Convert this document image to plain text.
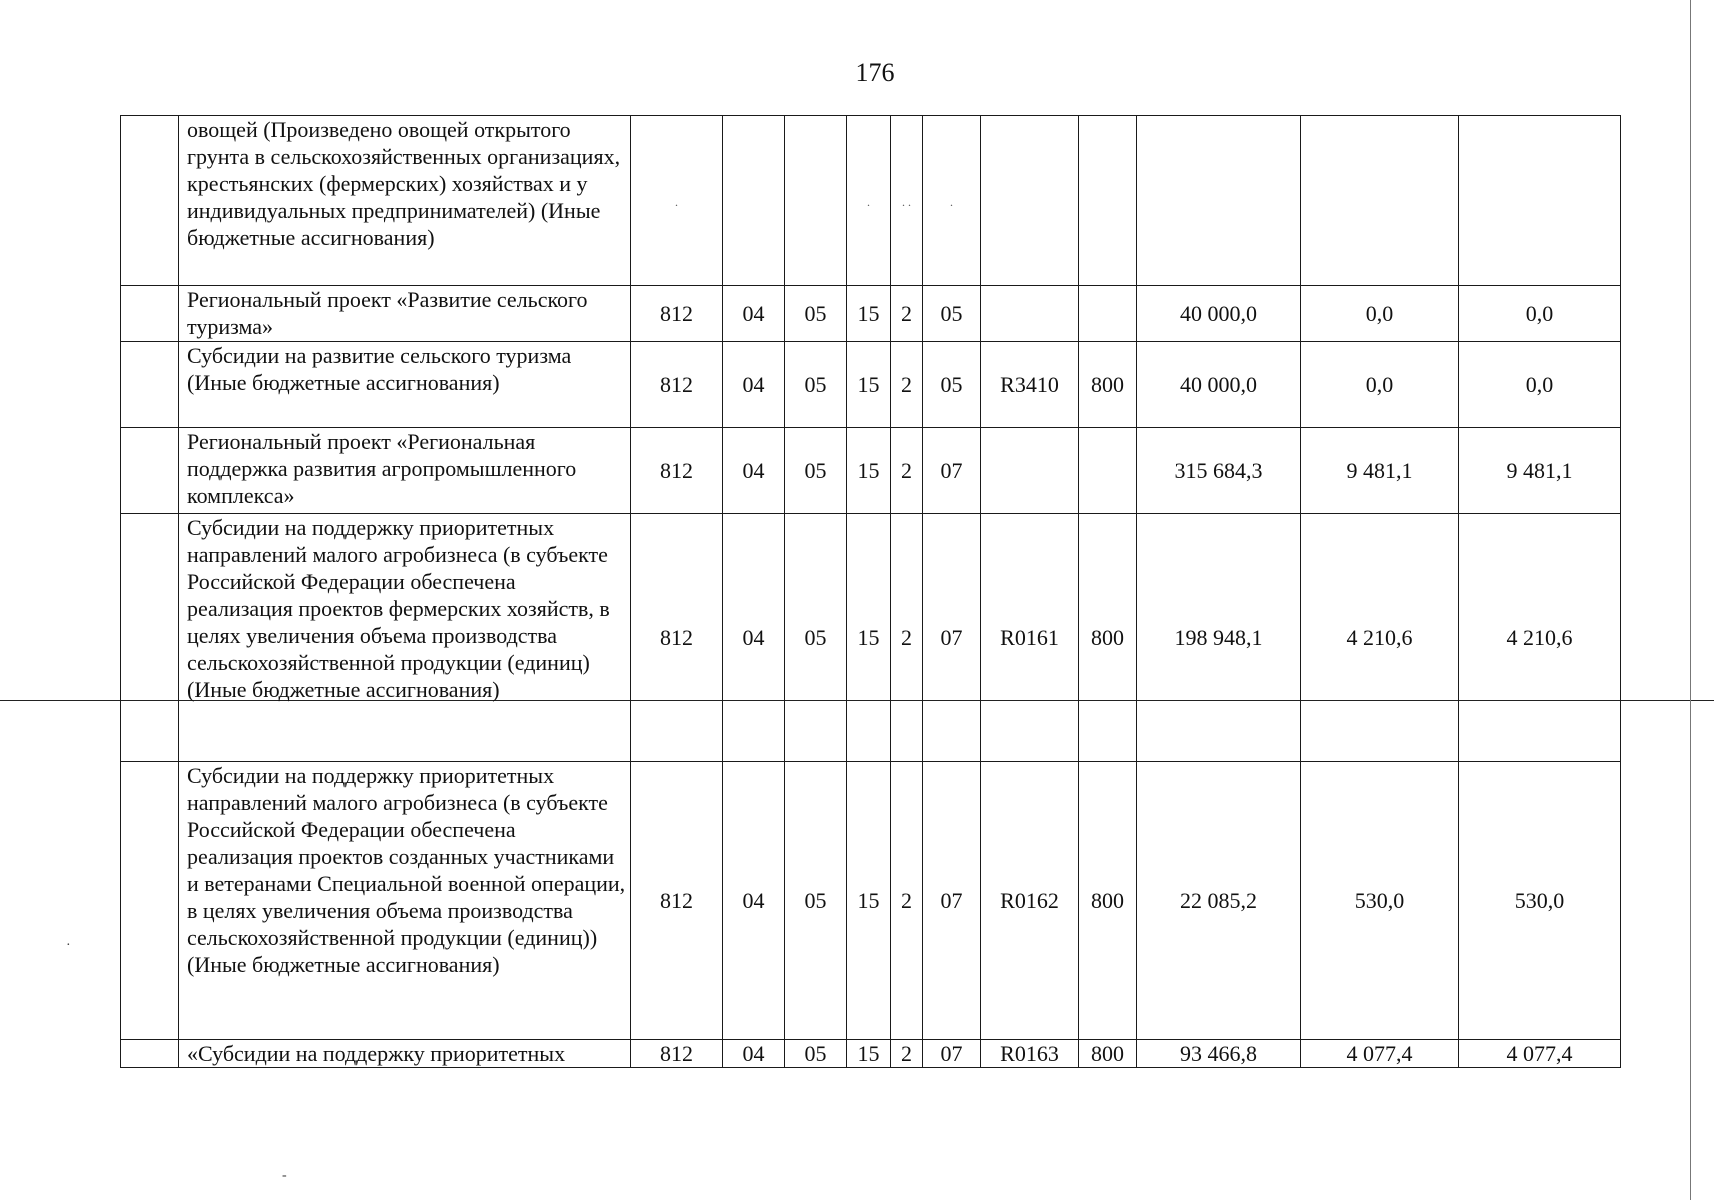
176
·
-
	овощей (Произведено овощей открытого грунта в сельскохозяйственных организациях, крестьянских (фермерских) хозяйствах и у индивидуальных предпринимателей) (Иные бюджетные ассигнования)	.			.	. .	.					
	Региональный проект «Развитие сельского туризма»	812	04	05	15	2	05			40 000,0	0,0	0,0
	Субсидии на развитие сельского туризма (Иные бюджетные ассигнования)	812	04	05	15	2	05	R3410	800	40 000,0	0,0	0,0
	Региональный проект «Региональная поддержка развития агропромышленного комплекса»	812	04	05	15	2	07			315 684,3	9 481,1	9 481,1
	Субсидии на поддержку приоритетных направлений малого агробизнеса (в субъекте Российской Федерации обеспечена реализация проектов фермерских хозяйств, в целях увеличения объема производства сельскохозяйственной продукции (единиц) (Иные бюджетные ассигнования)	812	04	05	15	2	07	R0161	800	198 948,1	4 210,6	4 210,6
	Субсидии на поддержку приоритетных направлений малого агробизнеса (в субъекте Российской Федерации обеспечена реализация проектов созданных участниками и ветеранами Специальной военной операции, в целях увеличения объема производства сельскохозяйственной продукции (единиц)) (Иные бюджетные ассигнования)	812	04	05	15	2	07	R0162	800	22 085,2	530,0	530,0
	«Субсидии на поддержку приоритетных	812	04	05	15	2	07	R0163	800	93 466,8	4 077,4	4 077,4
